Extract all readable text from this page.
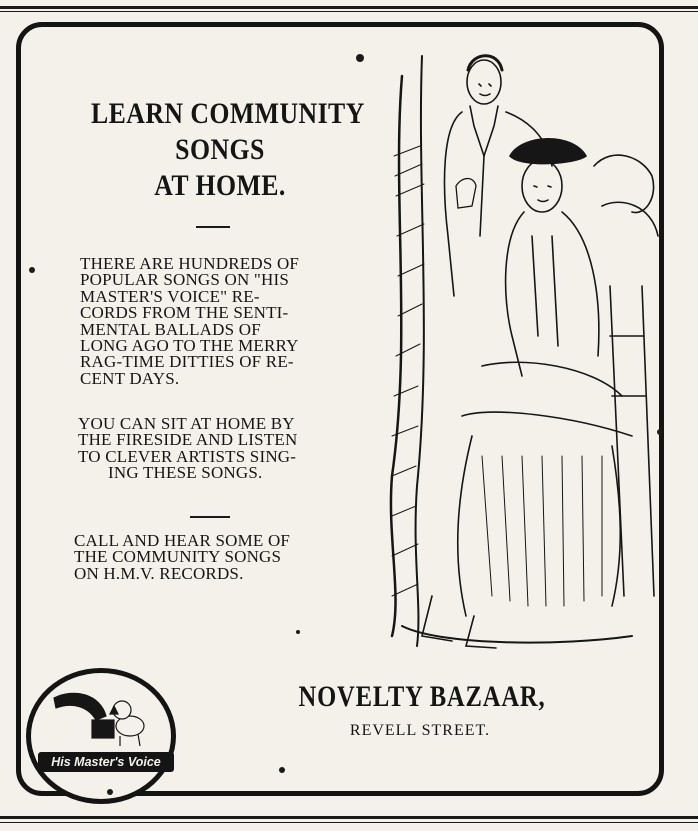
LEARN COMMUNITY
SONGS
AT HOME.
THERE ARE HUNDREDS OF
POPULAR SONGS ON "HIS
MASTER'S VOICE" RE-
CORDS FROM THE SENTI-
MENTAL BALLADS OF
LONG AGO TO THE MERRY
RAG-TIME DITTIES OF RE-
CENT DAYS.
YOU CAN SIT AT HOME BY
THE FIRESIDE AND LISTEN
TO CLEVER ARTISTS SING-
ING THESE SONGS.
CALL AND HEAR SOME OF
THE COMMUNITY SONGS
ON H.M.V. RECORDS.
NOVELTY BAZAAR,
REVELL STREET.
His Master's Voice
